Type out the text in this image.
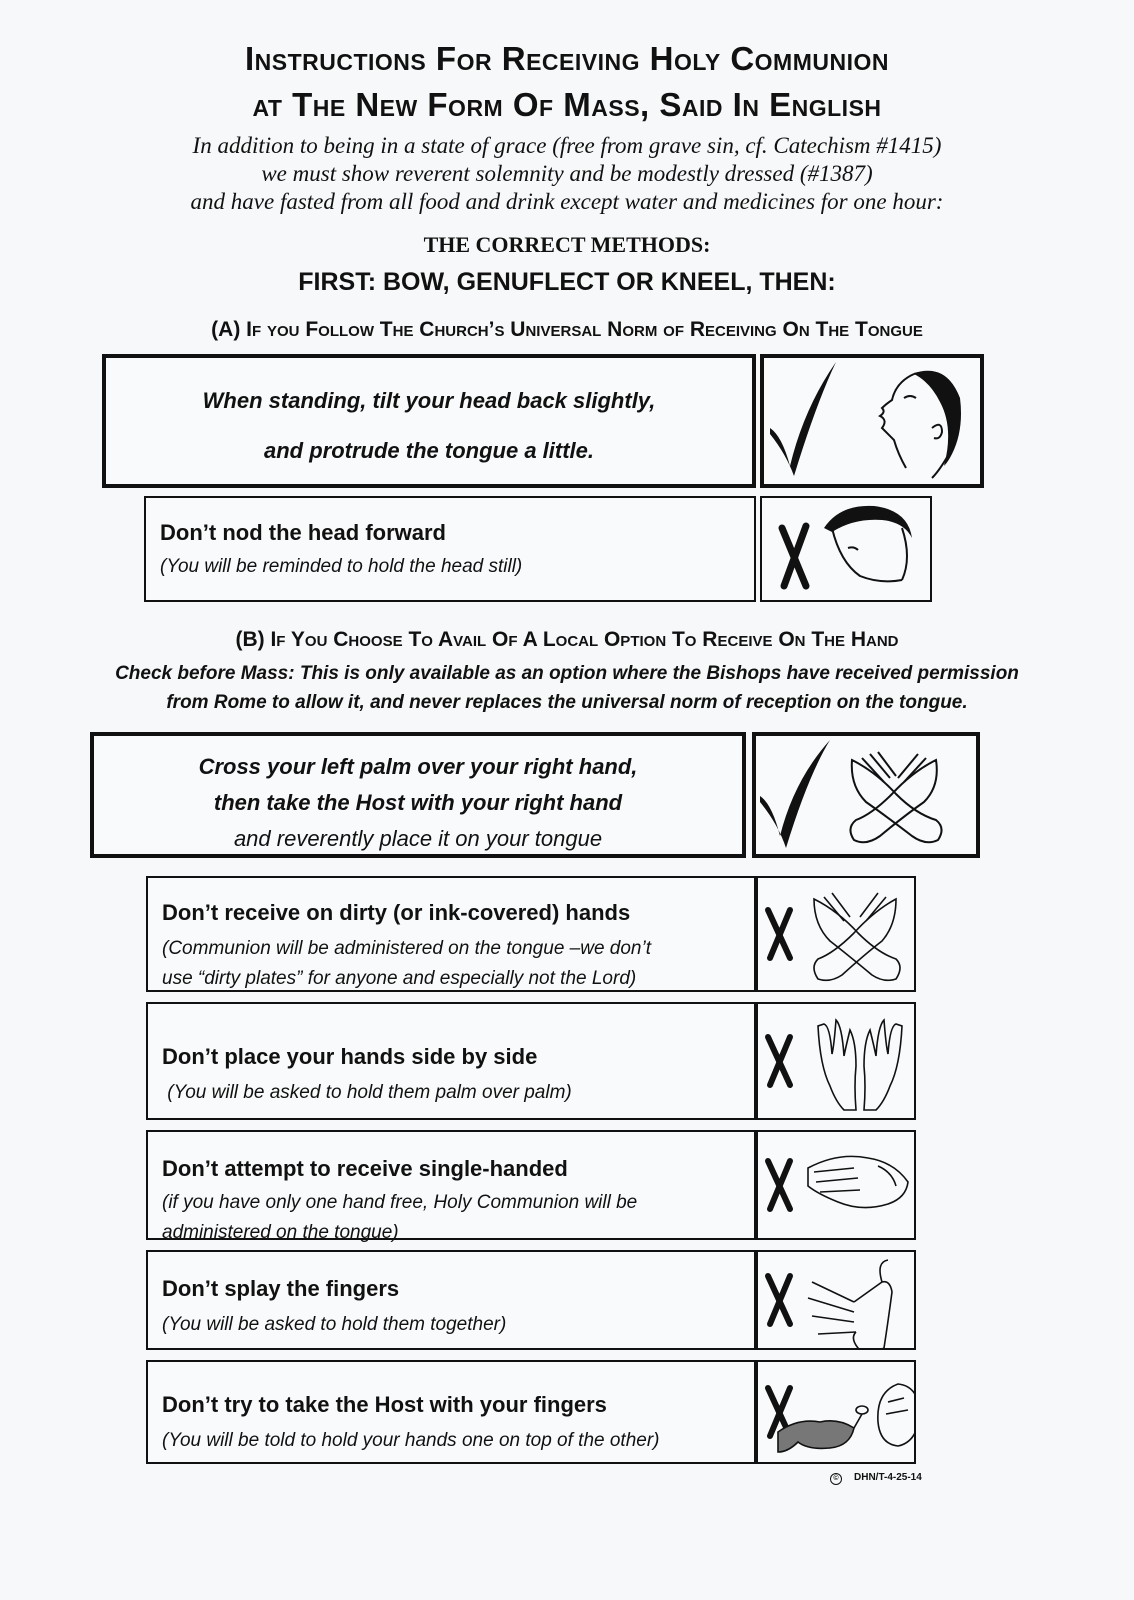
Instructions For Receiving Holy Communion
at The New Form Of Mass, Said In English
In addition to being in a state of grace (free from grave sin, cf. Catechism #1415)
we must show reverent solemnity and be modestly dressed (#1387)
and have fasted from all food and drink except water and medicines for one hour:
THE CORRECT METHODS:
FIRST: BOW, GENUFLECT OR KNEEL, THEN:
(A) If you Follow The Church’s Universal Norm of Receiving On The Tongue
When standing, tilt your head back slightly,
and protrude the tongue a little.
Don’t nod the head forward
(You will be reminded to hold the head still)
(B) If You Choose To Avail Of A Local Option To Receive On The Hand
Check before Mass: This is only available as an option where the Bishops have received permission
from Rome to allow it, and never replaces the universal norm of reception on the tongue.
Cross your left palm over your right hand,
then take the Host with your right hand
and reverently place it on your tongue
Don’t receive on dirty (or ink-covered) hands
(Communion will be administered on the tongue –we don’t
use “dirty plates” for anyone and especially not the Lord)
Don’t place your hands side by side
(You will be asked to hold them palm over palm)
Don’t attempt to receive single-handed
(if you have only one hand free, Holy Communion will be
administered on the tongue)
Don’t splay the fingers
(You will be asked to hold them together)
Don’t try to take the Host with your fingers
(You will be told to hold your hands one on top of the other)
© DHN/T-4-25-14
